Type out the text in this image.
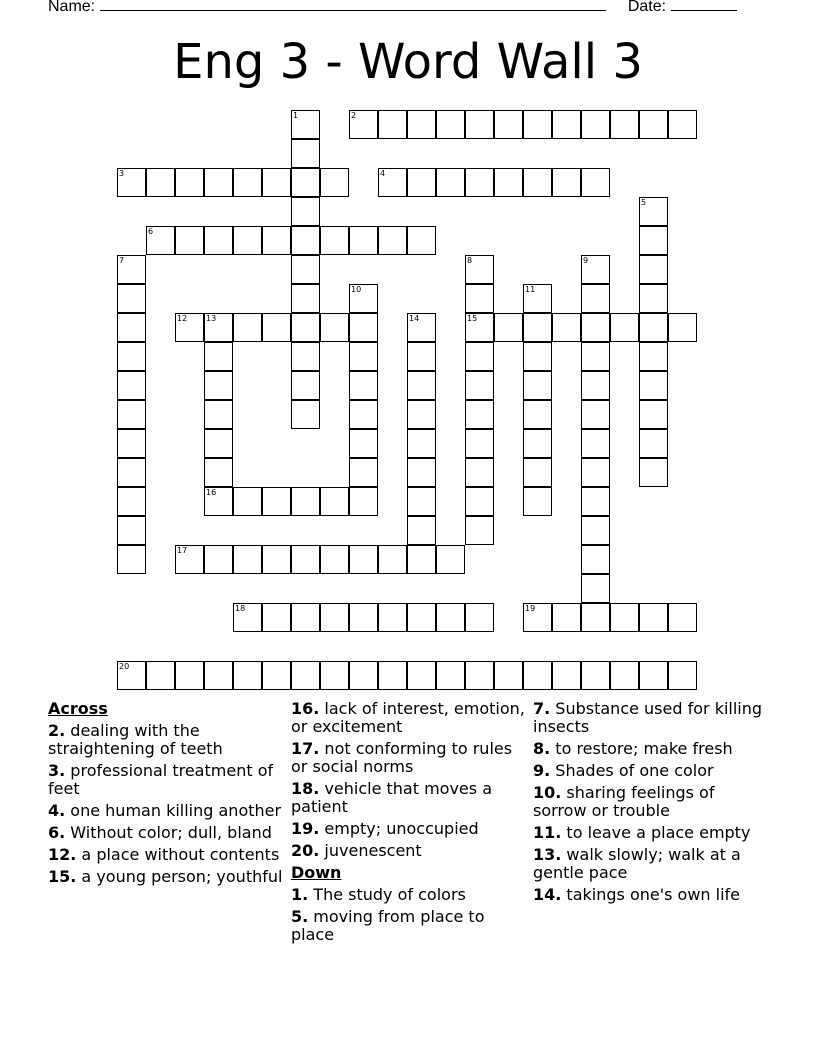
Name:	Date:
Eng 3 - Word Wall 3
2
3	4
6
12 13	15
16
17
18	19
20
1
5
7	8	9
10	11
14
Across
2. dealing with the straightening of teeth
3. professional treatment of feet
4. one human killing another
6. Without color; dull, bland
12. a place without contents
15. a young person; youthful
16. lack of interest, emotion, or excitement
17. not conforming to rules or social norms
18. vehicle that moves a patient
19. empty; unoccupied
20. juvenescent
Down
1. The study of colors
5. moving from place to place
7. Substance used for killing insects
8. to restore; make fresh
9. Shades of one color
10. sharing feelings of sorrow or trouble
11. to leave a place empty
13. walk slowly; walk at a gentle pace
14. takings one's own life
